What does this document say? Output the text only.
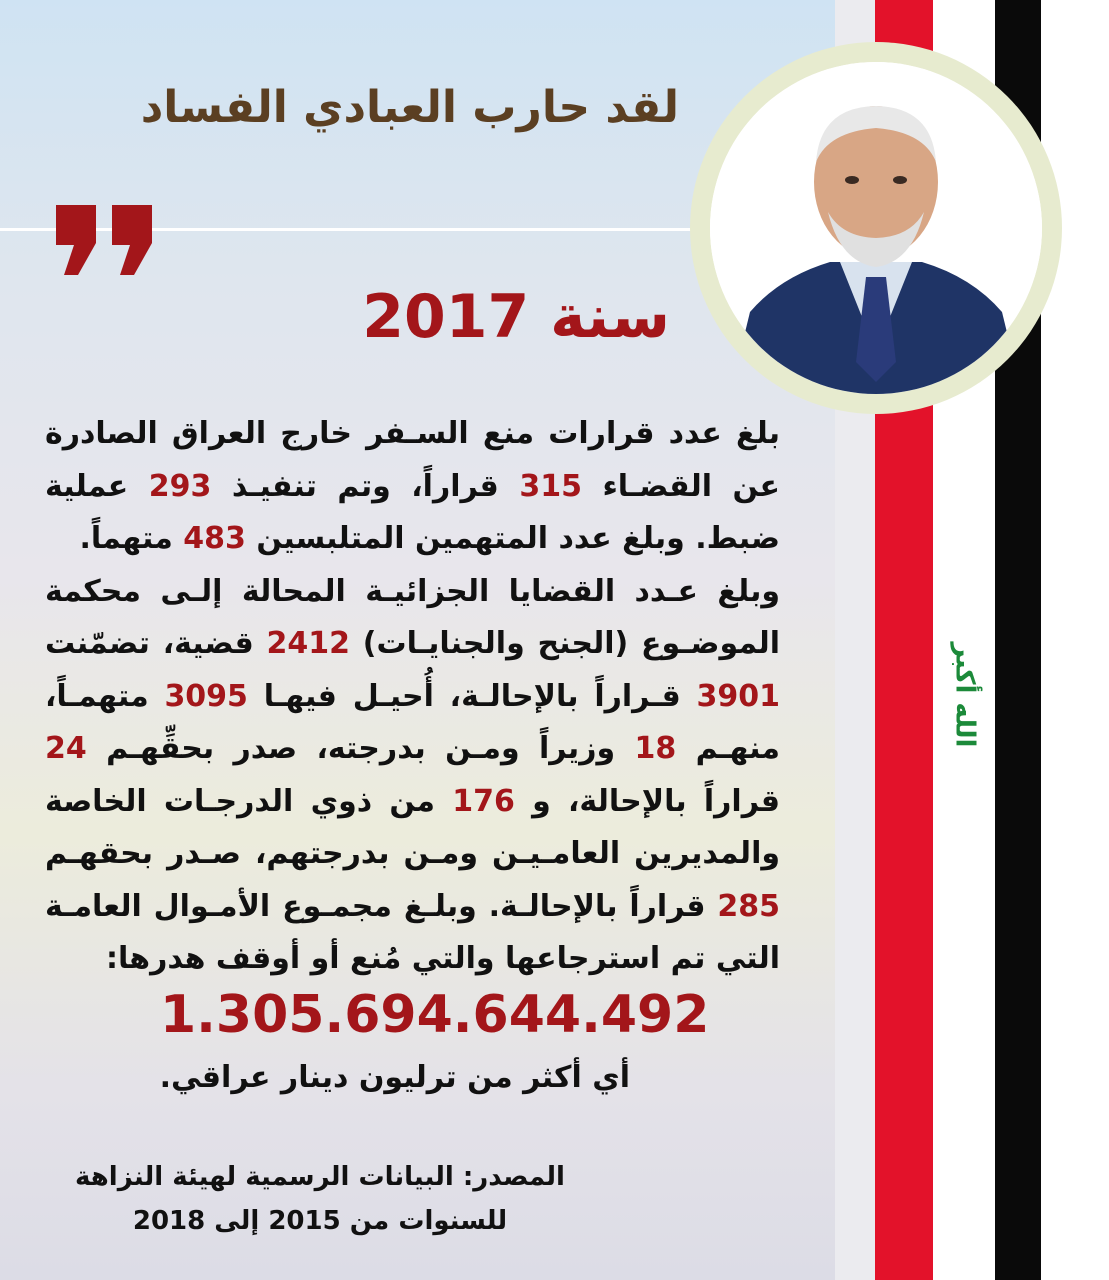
الله أكبر
لقد حارب العبادي الفساد
سنة 2017
بلغ عدد قرارات منع السـفر خارج العراق الصادرة عن القضـاء 315 قراراً، وتم تنفيـذ 293 عملية ضبط. وبلغ عدد المتهمين المتلبسين 483 متهماً.
وبلغ عـدد القضايا الجزائيـة المحالة إلـى محكمة الموضـوع (الجنح والجنايـات) 2412 قضية، تضمّنت 3901 قـراراً بالإحالـة، أُحيـل فيهـا 3095 متهمـاً، منهـم 18 وزيراً ومـن بدرجته، صدر بحقِّهـم 24 قراراً بالإحالة، و 176 من ذوي الدرجـات الخاصة والمديرين العامـيـن ومـن بدرجتهم، صـدر بحقهـم 285 قراراً بالإحالـة. وبلـغ مجمـوع الأمـوال العامـة التي تم استرجاعها والتي مُنع أو أوقف هدرها:
1.305.694.644.492
أي أكثر من ترليون دينار عراقي.
المصدر: البيانات الرسمية لهيئة النزاهة
للسنوات من 2015 إلى 2018
